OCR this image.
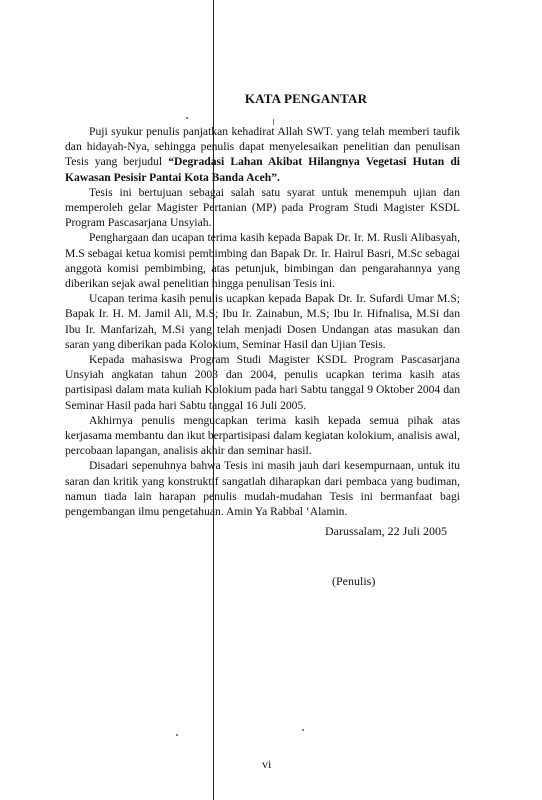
KATA PENGANTAR

Puji syukur penulis panjatkan kehadirat Allah SWT. yang telah memberi taufik dan hidayah-Nya, sehingga penulis dapat menyelesaikan penelitian dan penulisan Tesis yang berjudul “Degradasi Lahan Akibat Hilangnya Vegetasi Hutan di Kawasan Pesisir Pantai Kota Banda Aceh”.

Tesis ini bertujuan sebagai salah satu syarat untuk menempuh ujian dan memperoleh gelar Magister Pertanian (MP) pada Program Studi Magister KSDL Program Pascasarjana Unsyiah.

Penghargaan dan ucapan terima kasih kepada Bapak Dr. Ir. M. Rusli Alibasyah, M.S sebagai ketua komisi pembimbing dan Bapak Dr. Ir. Hairul Basri, M.Sc sebagai anggota komisi pembimbing, atas petunjuk, bimbingan dan pengarahannya yang diberikan sejak awal penelitian hingga penulisan Tesis ini.

Ucapan terima kasih penulis ucapkan kepada Bapak Dr. Ir. Sufardi Umar M.S; Bapak Ir. H. M. Jamil Ali, M.S; Ibu Ir. Zainabun, M.S; Ibu Ir. Hifnalisa, M.Si dan Ibu Ir. Manfarizah, M.Si yang telah menjadi Dosen Undangan atas masukan dan saran yang diberikan pada Kolokium, Seminar Hasil dan Ujian Tesis.

Kepada mahasiswa Program Studi Magister KSDL Program Pascasarjana Unsyiah angkatan tahun 2003 dan 2004, penulis ucapkan terima kasih atas partisipasi dalam mata kuliah Kolokium pada hari Sabtu tanggal 9 Oktober 2004 dan Seminar Hasil pada hari Sabtu tanggal 16 Juli 2005.

Akhirnya penulis mengucapkan terima kasih kepada semua pihak atas kerjasama membantu dan ikut berpartisipasi dalam kegiatan kolokium, analisis awal, percobaan lapangan, analisis akhir dan seminar hasil.

Disadari sepenuhnya bahwa Tesis ini masih jauh dari kesempurnaan, untuk itu saran dan kritik yang konstruktif sangatlah diharapkan dari pembaca yang budiman, namun tiada lain harapan penulis mudah-mudahan Tesis ini bermanfaat bagi pengembangan ilmu pengetahuan. Amin Ya Rabbal ‘Alamin.

Darussalam, 22 Juli 2005
(Penulis)
vi
